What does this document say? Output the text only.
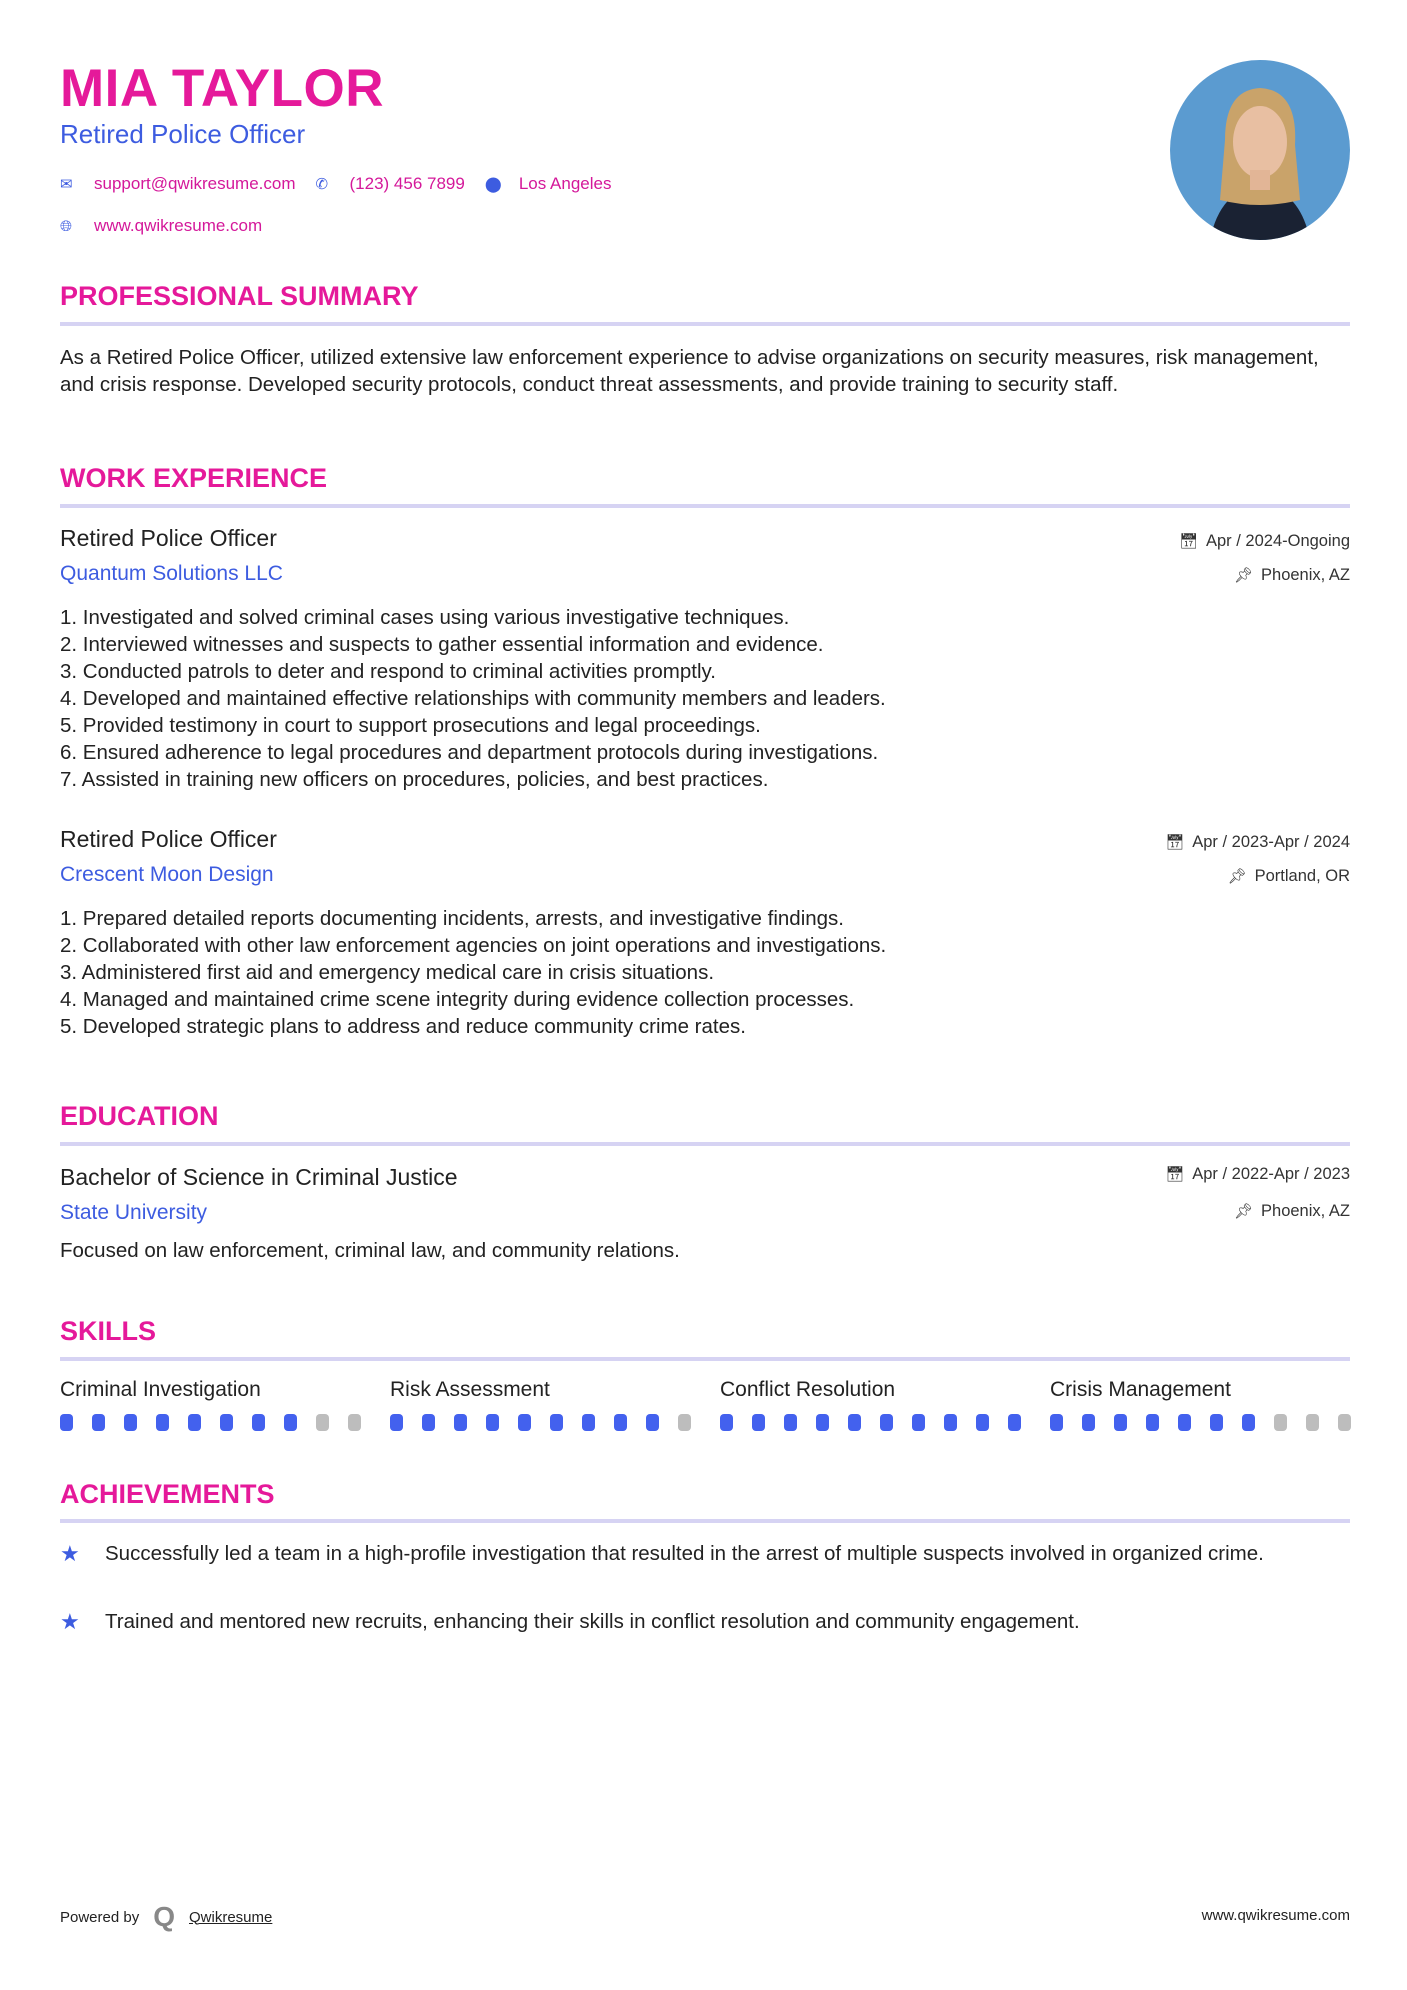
MIA TAYLOR
Retired Police Officer
✉	support@qwikresume.com ✆	(123) 456 7899 ⬤	Los Angeles
🌐︎	www.qwikresume.com
PROFESSIONAL SUMMARY
As a Retired Police Officer, utilized extensive law enforcement experience to advise organizations on security measures, risk management, and crisis response. Developed security protocols, conduct threat assessments, and provide training to security staff.
WORK EXPERIENCE
Retired Police Officer
Quantum Solutions LLC
📅︎ Apr / 2024-Ongoing
📌︎ Phoenix, AZ
1. Investigated and solved criminal cases using various investigative techniques.
2. Interviewed witnesses and suspects to gather essential information and evidence.
3. Conducted patrols to deter and respond to criminal activities promptly.
4. Developed and maintained effective relationships with community members and leaders.
5. Provided testimony in court to support prosecutions and legal proceedings.
6. Ensured adherence to legal procedures and department protocols during investigations.
7. Assisted in training new officers on procedures, policies, and best practices.
Retired Police Officer
Crescent Moon Design
📅︎ Apr / 2023-Apr / 2024
📌︎ Portland, OR
1. Prepared detailed reports documenting incidents, arrests, and investigative findings.
2. Collaborated with other law enforcement agencies on joint operations and investigations.
3. Administered first aid and emergency medical care in crisis situations.
4. Managed and maintained crime scene integrity during evidence collection processes.
5. Developed strategic plans to address and reduce community crime rates.
EDUCATION
Bachelor of Science in Criminal Justice
State University
📅︎ Apr / 2022-Apr / 2023
📌︎ Phoenix, AZ
Focused on law enforcement, criminal law, and community relations.
SKILLS
Criminal Investigation	Risk Assessment	Conflict Resolution	Crisis Management
ACHIEVEMENTS
★	Successfully led a team in a high-profile investigation that resulted in the arrest of multiple suspects involved in organized crime.
★	Trained and mentored new recruits, enhancing their skills in conflict resolution and community engagement.
Powered by Q Qwikresume	www.qwikresume.com
